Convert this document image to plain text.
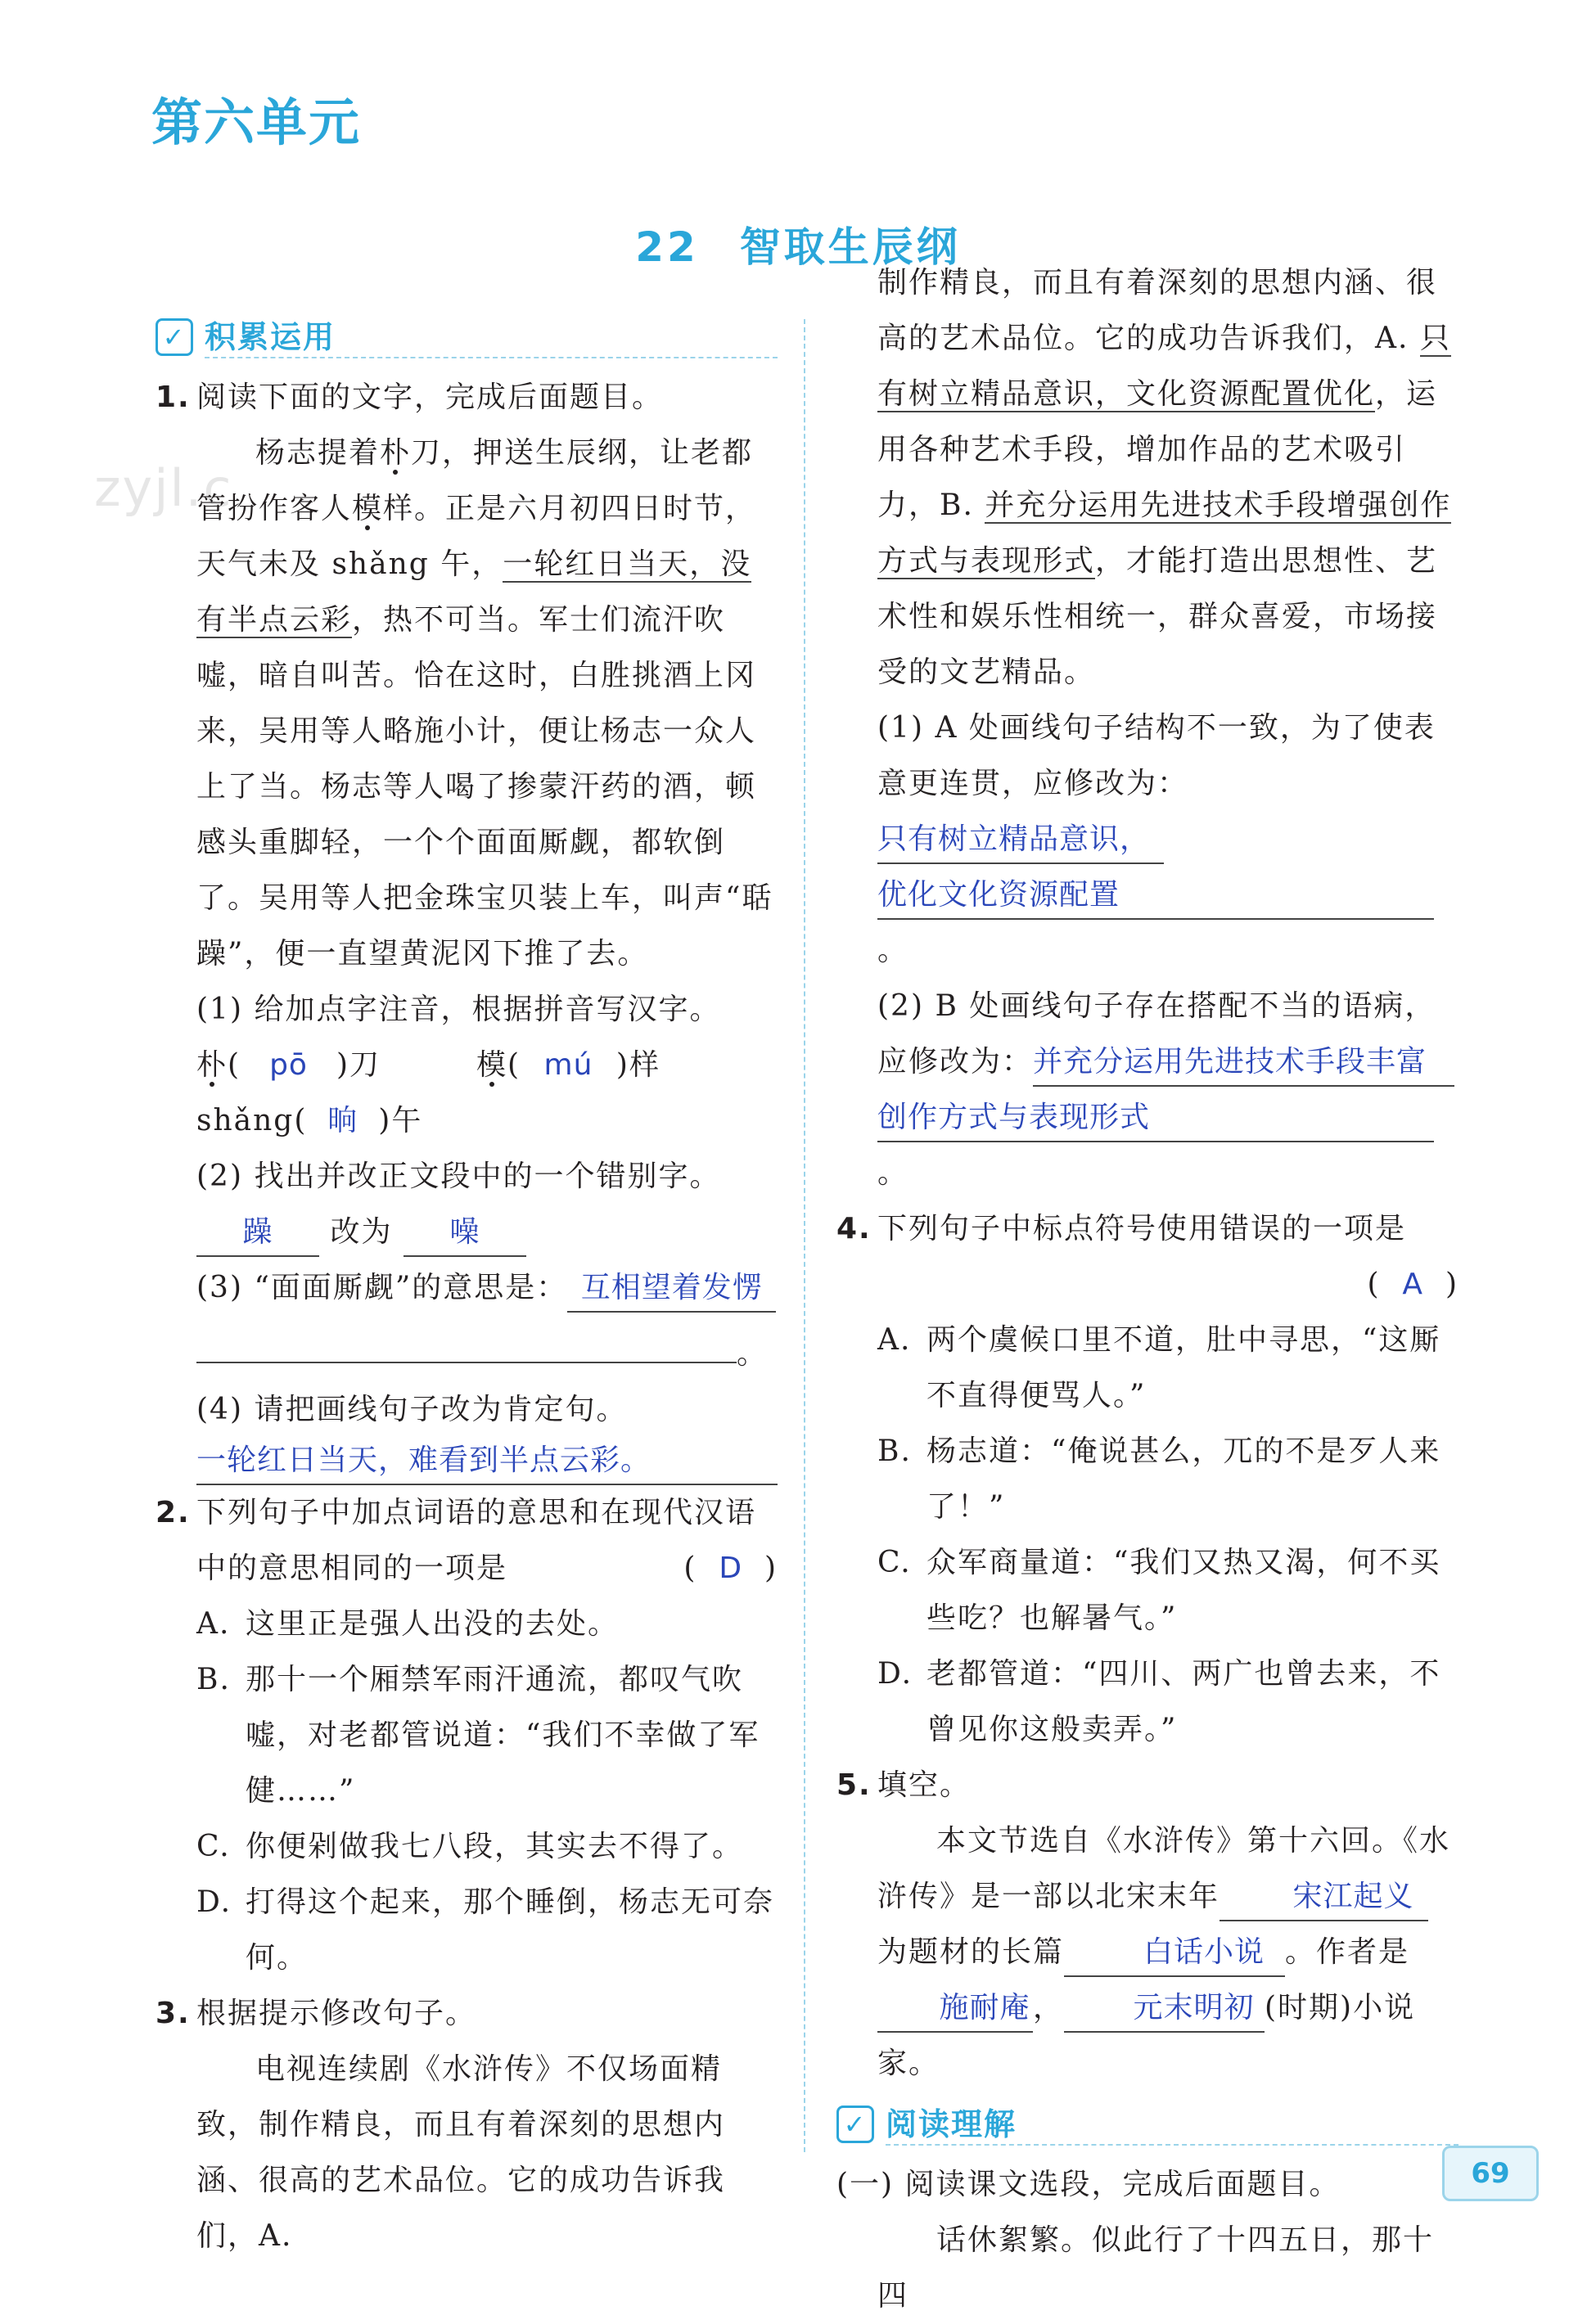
zyjl.c
第六单元
22 智取生辰纲
✓ 积累运用
1. 阅读下面的文字，完成后面题目。
杨志提着朴刀，押送生辰纲，让老都管扮作客人模样。正是六月初四日时节，天气未及 shǎng 午，一轮红日当天，没有半点云彩，热不可当。军士们流汗吹嘘，暗自叫苦。恰在这时，白胜挑酒上冈来，吴用等人略施小计，便让杨志一众人上了当。杨志等人喝了掺蒙汗药的酒，顿感头重脚轻，一个个面面厮觑，都软倒了。吴用等人把金珠宝贝装上车，叫声“聒躁”，便一直望黄泥冈下推了去。
(1) 给加点字注音，根据拼音写汉字。
朴( pō )刀	模( mú )样
shǎng( 晌 )午
(2) 找出并改正文段中的一个错别字。
躁 改为 噪
(3) “面面厮觑”的意思是： 互相望着发愣
。
(4) 请把画线句子改为肯定句。
一轮红日当天，难看到半点云彩。
2. 下列句子中加点词语的意思和在现代汉语中的意思相同的一项是	(  D  )
A. 这里正是强人出没的去处。
B. 那十一个厢禁军雨汗通流，都叹气吹嘘，对老都管说道：“我们不幸做了军健……”
C. 你便剁做我七八段，其实去不得了。
D. 打得这个起来，那个睡倒，杨志无可奈何。
3. 根据提示修改句子。
电视连续剧《水浒传》不仅场面精致，制作精良，而且有着深刻的思想内涵、很高的艺术品位。它的成功告诉我们，A.
制作精良，而且有着深刻的思想内涵、很高的艺术品位。它的成功告诉我们，A. 只有树立精品意识，文化资源配置优化，运用各种艺术手段，增加作品的艺术吸引力，B. 并充分运用先进技术手段增强创作方式与表现形式，才能打造出思想性、艺术性和娱乐性相统一，群众喜爱，市场接受的文艺精品。
(1) A 处画线句子结构不一致，为了使表意更连贯，应修改为：只有树立精品意识，
优化文化资源配置。
(2) B 处画线句子存在搭配不当的语病，应修改为：并充分运用先进技术手段丰富
创作方式与表现形式。
4. 下列句子中标点符号使用错误的一项是
(  A  )
A. 两个虞候口里不道，肚中寻思，“这厮不直得便骂人。”
B. 杨志道：“俺说甚么，兀的不是歹人来了！”
C. 众军商量道：“我们又热又渴，何不买些吃？也解暑气。”
D. 老都管道：“四川、两广也曾去来，不曾见你这般卖弄。”
5. 填空。
本文节选自《水浒传》第十六回。《水浒传》是一部以北宋末年 宋江起义为题材的长篇	白话小说 。作者是施耐庵， 元末明初 (时期)小说家。
✓ 阅读理解
(一) 阅读课文选段，完成后面题目。
话休絮繁。似此行了十四五日，那十四
69
